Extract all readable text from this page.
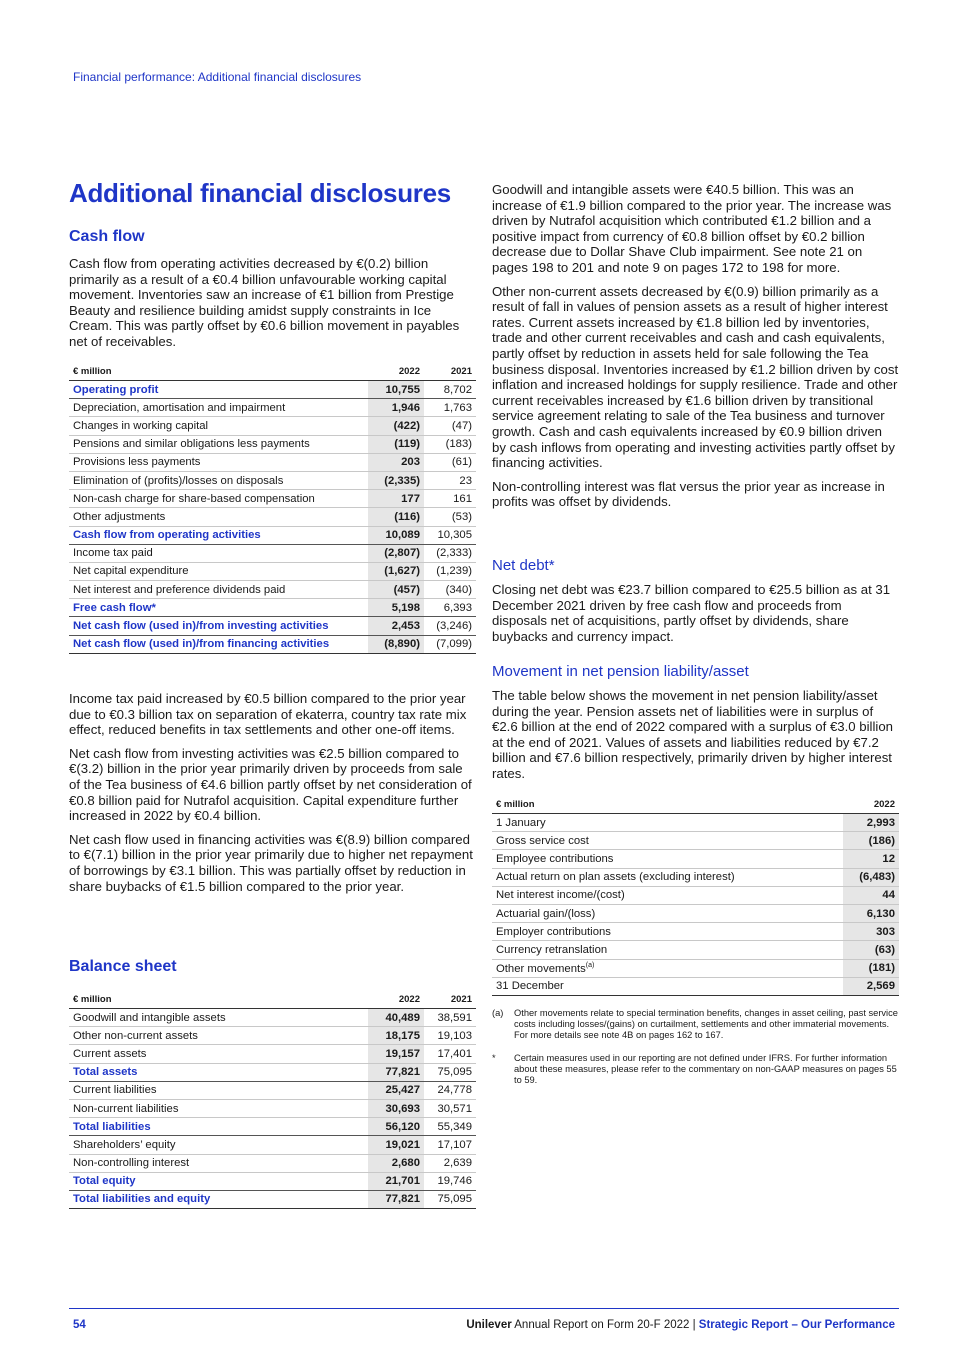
Financial performance: Additional financial disclosures
Additional financial disclosures
Cash flow

Cash flow from operating activities decreased by €(0.2) billion primarily as a result of a €0.4 billion unfavourable working capital movement. Inventories saw an increase of €1 billion from Prestige Beauty and resilience building amidst supply constraints in Ice Cream. This was partly offset by €0.6 billion movement in payables net of receivables.

€ million	2022	2021
Operating profit	10,755	8,702
Depreciation, amortisation and impairment	1,946	1,763
Changes in working capital	(422)	(47)
Pensions and similar obligations less payments	(119)	(183)
Provisions less payments	203	(61)
Elimination of (profits)/losses on disposals	(2,335)	23
Non-cash charge for share-based compensation	177	161
Other adjustments	(116)	(53)
Cash flow from operating activities	10,089	10,305
Income tax paid	(2,807)	(2,333)
Net capital expenditure	(1,627)	(1,239)
Net interest and preference dividends paid	(457)	(340)
Free cash flow*	5,198	6,393
Net cash flow (used in)/from investing activities	2,453	(3,246)
Net cash flow (used in)/from financing activities	(8,890)	(7,099)

Income tax paid increased by €0.5 billion compared to the prior year due to €0.3 billion tax on separation of ekaterra, country tax rate mix effect, reduced benefits in tax settlements and other one-off items.

Net cash flow from investing activities was €2.5 billion compared to €(3.2) billion in the prior year primarily driven by proceeds from sale of the Tea business of €4.6 billion partly offset by net consideration of €0.8 billion paid for Nutrafol acquisition. Capital expenditure further increased in 2022 by €0.4 billion.

Net cash flow used in financing activities was €(8.9) billion compared to €(7.1) billion in the prior year primarily due to higher net repayment of borrowings by €3.1 billion. This was partially offset by reduction in share buybacks of €1.5 billion compared to the prior year.

Balance sheet
€ million	2022	2021
Goodwill and intangible assets	40,489	38,591
Other non-current assets	18,175	19,103
Current assets	19,157	17,401
Total assets	77,821	75,095
Current liabilities	25,427	24,778
Non-current liabilities	30,693	30,571
Total liabilities	56,120	55,349
Shareholders’ equity	19,021	17,107
Non-controlling interest	2,680	2,639
Total equity	21,701	19,746
Total liabilities and equity	77,821	75,095

Goodwill and intangible assets were €40.5 billion. This was an increase of €1.9 billion compared to the prior year. The increase was driven by Nutrafol acquisition which contributed €1.2 billion and a positive impact from currency of €0.8 billion offset by €0.2 billion decrease due to Dollar Shave Club impairment. See note 21 on pages 198 to 201 and note 9 on pages 172 to 198 for more.

Other non-current assets decreased by €(0.9) billion primarily as a result of fall in values of pension assets as a result of higher interest rates. Current assets increased by €1.8 billion led by inventories, trade and other current receivables and cash and cash equivalents, partly offset by reduction in assets held for sale following the Tea business disposal. Inventories increased by €1.2 billion driven by cost inflation and increased holdings for supply resilience. Trade and other current receivables increased by €1.6 billion driven by transitional service agreement relating to sale of the Tea business and turnover growth. Cash and cash equivalents increased by €0.9 billion driven by cash inflows from operating and investing activities partly offset by financing activities.

Non-controlling interest was flat versus the prior year as increase in profits was offset by dividends.

Net debt*

Closing net debt was €23.7 billion compared to €25.5 billion as at 31 December 2021 driven by free cash flow and proceeds from disposals net of acquisitions, partly offset by dividends, share buybacks and currency impact.

Movement in net pension liability/asset

The table below shows the movement in net pension liability/asset during the year. Pension assets net of liabilities were in surplus of €2.6 billion at the end of 2022 compared with a surplus of €3.0 billion at the end of 2021. Values of assets and liabilities reduced by €7.2 billion and €7.6 billion respectively, primarily driven by higher interest rates.

€ million	2022
1 January	2,993
Gross service cost	(186)
Employee contributions	12
Actual return on plan assets (excluding interest)	(6,483)
Net interest income/(cost)	44
Actuarial gain/(loss)	6,130
Employer contributions	303
Currency retranslation	(63)
Other movements$^{(a)}$	(181)
31 December	2,569
(a)	Other movements relate to special termination benefits, changes in asset ceiling, past service costs including losses/(gains) on curtailment, settlements and other immaterial movements. For more details see note 4B on pages 162 to 167.
*	Certain measures used in our reporting are not defined under IFRS. For further information about these measures, please refer to the commentary on non-GAAP measures on pages 55 to 59.
54	Unilever Annual Report on Form 20-F 2022 | Strategic Report – Our Performance
